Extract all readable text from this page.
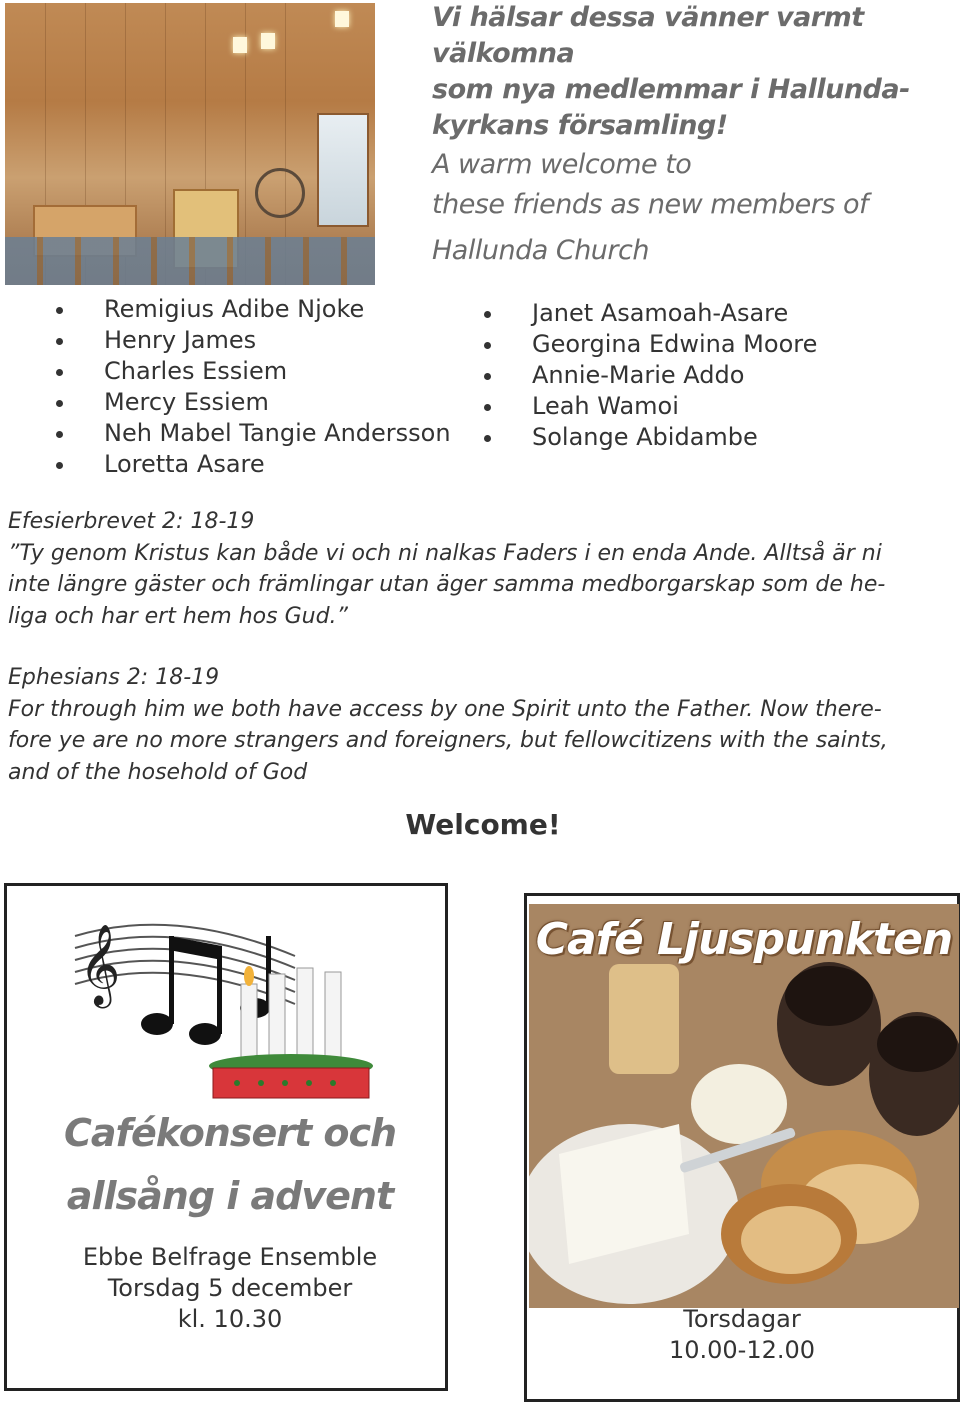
Vi hälsar dessa vänner varmt välkomna
som nya medlemmar i Hallunda-
kyrkans församling!
A warm welcome to
these friends as new members of
Hallunda Church
Remigius Adibe Njoke
Henry James
Charles Essiem
Mercy Essiem
Neh Mabel Tangie Andersson
Loretta Asare
Janet Asamoah-Asare
Georgina Edwina Moore
Annie-Marie Addo
Leah Wamoi
Solange Abidambe

Efesierbrevet 2: 18-19

”Ty genom Kristus kan både vi och ni nalkas Faders i en enda Ande. Alltså är ni

inte längre gäster och främlingar utan äger samma medborgarskap som de he-

liga och har ert hem hos Gud.”

Ephesians 2: 18-19

For through him we both have access by one Spirit unto the Father. Now there-

fore ye are no more strangers and foreigners, but fellowcitizens with the saints,

and of the hosehold of God

Welcome!
𝄞
Cafékonsert och
allsång i advent
Ebbe Belfrage Ensemble
Torsdag 5 december
kl. 10.30
Café Ljuspunkten
Torsdagar
10.00-12.00
